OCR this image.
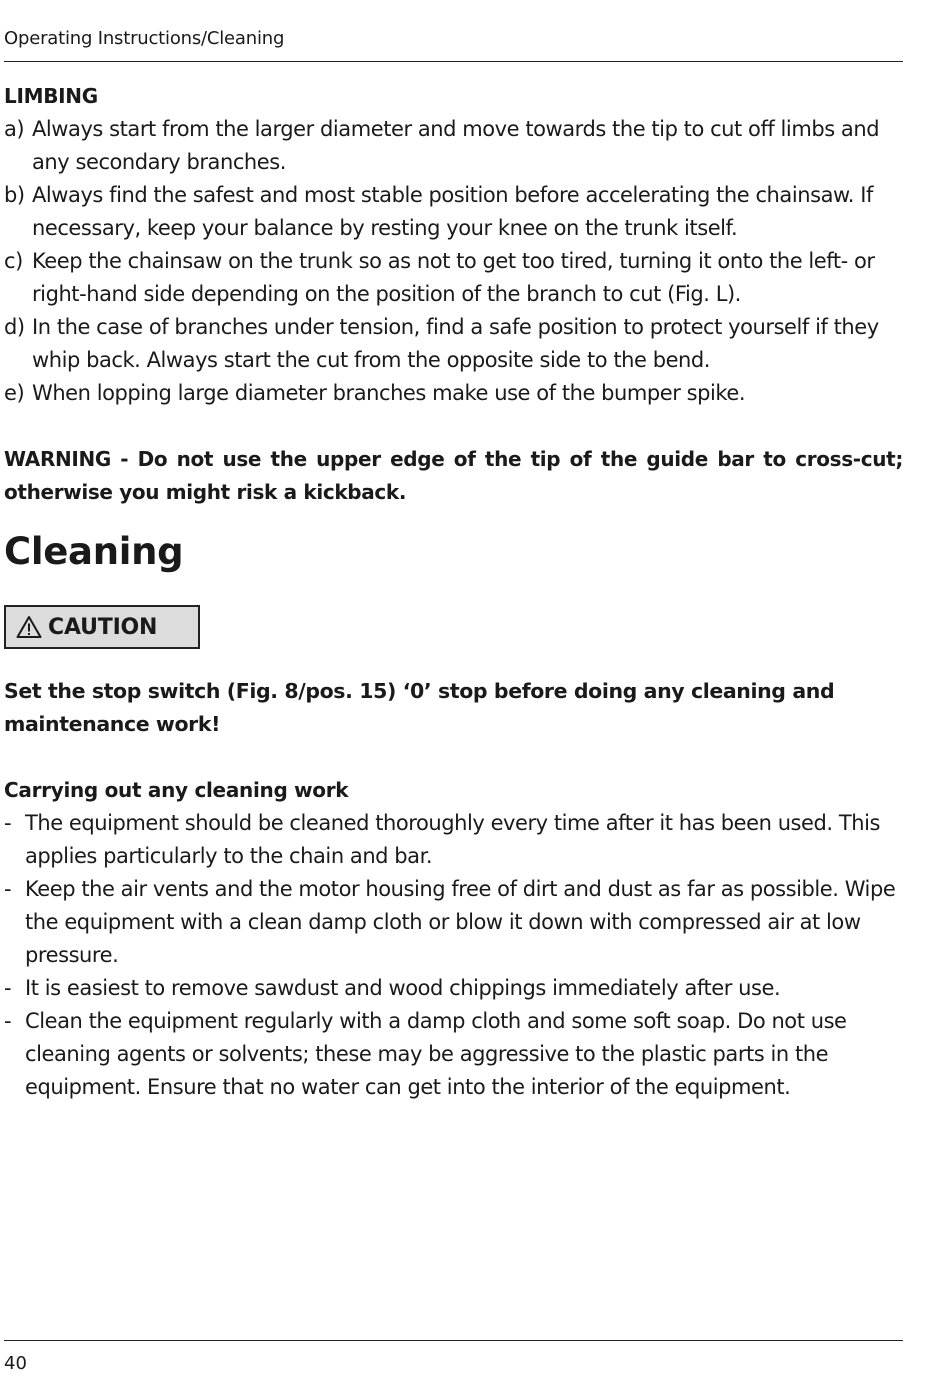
Operating Instructions/Cleaning
LIMBING
a) Always start from the larger diameter and move towards the tip to cut off limbs and any secondary branches.
b) Always find the safest and most stable position before accelerating the chainsaw. If necessary, keep your balance by resting your knee on the trunk itself.
c) Keep the chainsaw on the trunk so as not to get too tired, turning it onto the left- or right-hand side depending on the position of the branch to cut (Fig. L).
d) In the case of branches under tension, find a safe position to protect yourself if they whip back. Always start the cut from the opposite side to the bend.
e) When lopping large diameter branches make use of the bumper spike.
WARNING - Do not use the upper edge of the tip of the guide bar to cross-cut; otherwise you might risk a kickback.
Cleaning
CAUTION
Set the stop switch (Fig. 8/pos. 15) ‘0’ stop before doing any cleaning and maintenance work!
Carrying out any cleaning work
- The equipment should be cleaned thoroughly every time after it has been used. This applies particularly to the chain and bar.
- Keep the air vents and the motor housing free of dirt and dust as far as possible. Wipe the equipment with a clean damp cloth or blow it down with compressed air at low pressure.
- It is easiest to remove sawdust and wood chippings immediately after use.
- Clean the equipment regularly with a damp cloth and some soft soap. Do not use cleaning agents or solvents; these may be aggressive to the plastic parts in the equipment. Ensure that no water can get into the interior of the equipment.
40
